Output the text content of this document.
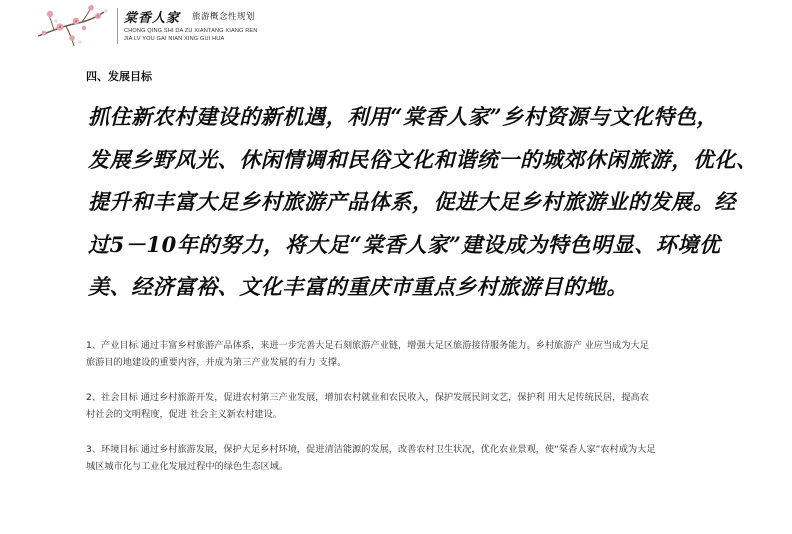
棠香人家 旅游概念性规划
CHONG QING SHI DA ZU XIANTANG XIANG REN
JIA LV YOU GAI NIAN XING GUI HUA
四、发展目标
抓住新农村建设的新机遇，利用“棠香人家”乡村资源与文化特色，
发展乡野风光、休闲情调和民俗文化和谐统一的城郊休闲旅游，优化、
提升和丰富大足乡村旅游产品体系，促进大足乡村旅游业的发展。经
过5－10年的努力，将大足“棠香人家”建设成为特色明显、环境优
美、经济富裕、文化丰富的重庆市重点乡村旅游目的地。
1、产业目标 通过丰富乡村旅游产品体系，来进一步完善大足石刻旅游产业链，增强大足区旅游接待服务能力。乡村旅游产 业应当成为大足
旅游目的地建设的重要内容，并成为第三产业发展的有力 支撑。
2、社会目标 通过乡村旅游开发，促进农村第三产业发展，增加农村就业和农民收入，保护发展民间文艺，保护利 用大足传统民居，提高农
村社会的文明程度，促进 社会主义新农村建设。
3、环境目标 通过乡村旅游发展，保护大足乡村环境，促进清洁能源的发展，改善农村卫生状况，优化农业景观，使“棠香人家”农村成为大足
城区城市化与工业化发展过程中的绿色生态区域。
